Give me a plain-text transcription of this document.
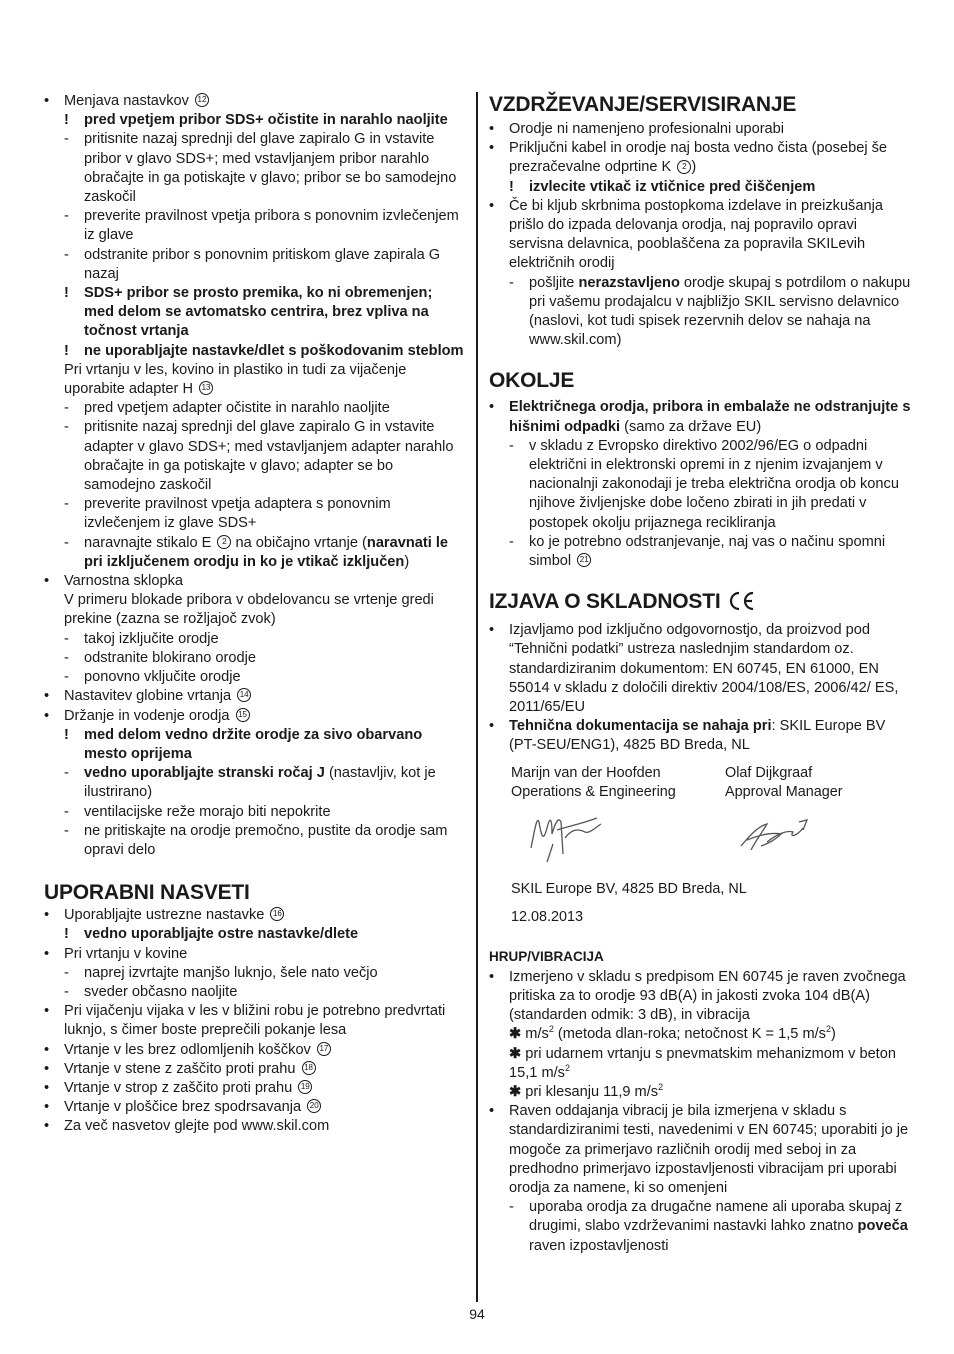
•
Menjava nastavkov 12
!
pred vpetjem pribor SDS+ očistite in narahlo naoljite
-
pritisnite nazaj sprednji del glave zapiralo G in vstavite pribor v glavo SDS+; med vstavljanjem pribor narahlo obračajte in ga potiskajte v glavo; pribor se bo samodejno zaskočil
-
preverite pravilnost vpetja pribora s ponovnim izvlečenjem iz glave
-
odstranite pribor s ponovnim pritiskom glave zapirala G nazaj
!
SDS+ pribor se prosto premika, ko ni obremenjen; med delom se avtomatsko centrira, brez vpliva na točnost vrtanja
!
ne uporabljajte nastavke/dlet s poškodovanim steblom
Pri vrtanju v les, kovino in plastiko in tudi za vijačenje uporabite adapter H 13
-
pred vpetjem adapter očistite in narahlo naoljite
-
pritisnite nazaj sprednji del glave zapiralo G in vstavite adapter v glavo SDS+; med vstavljanjem adapter narahlo obračajte in ga potiskajte v glavo; adapter se bo samodejno zaskočil
-
preverite pravilnost vpetja adaptera s ponovnim izvlečenjem iz glave SDS+
-
naravnajte stikalo E 2 na običajno vrtanje (naravnati le pri izključenem orodju in ko je vtikač izključen)
•
Varnostna sklopka
V primeru blokade pribora v obdelovancu se vrtenje gredi prekine (zazna se rožljajoč zvok)
-
takoj izključite orodje
-
odstranite blokirano orodje
-
ponovno vključite orodje
•
Nastavitev globine vrtanja 14
•
Držanje in vodenje orodja 15
!
med delom vedno držite orodje za sivo obarvano mesto oprijema
-
vedno uporabljajte stranski ročaj J (nastavljiv, kot je ilustrirano)
-
ventilacijske reže morajo biti nepokrite
-
ne pritiskajte na orodje premočno, pustite da orodje sam opravi delo
UPORABNI NASVETI
•
Uporabljajte ustrezne nastavke 16
!
vedno uporabljajte ostre nastavke/dlete
•
Pri vrtanju v kovine
-
naprej izvrtajte manjšo luknjo, šele nato večjo
-
sveder občasno naoljite
•
Pri vijačenju vijaka v les v bližini robu je potrebno predvrtati luknjo, s čimer boste preprečili pokanje lesa
•
Vrtanje v les brez odlomljenih koščkov 17
•
Vrtanje v stene z zaščito proti prahu 18
•
Vrtanje v strop z zaščito proti prahu 19
•
Vrtanje v ploščice brez spodrsavanja 20
•
Za več nasvetov glejte pod www.skil.com
VZDRŽEVANJE/SERVISIRANJE
•
Orodje ni namenjeno profesionalni uporabi
•
Priključni kabel in orodje naj bosta vedno čista (posebej še prezračevalne odprtine K 2 )
!
izvlecite vtikač iz vtičnice pred čiščenjem
•
Če bi kljub skrbnima postopkoma izdelave in preizkušanja prišlo do izpada delovanja orodja, naj popravilo opravi servisna delavnica, pooblaščena za popravila SKILevih električnih orodij
-
pošljite nerazstavljeno orodje skupaj s potrdilom o nakupu pri vašemu prodajalcu v najbližjo SKIL servisno delavnico (naslovi, kot tudi spisek rezervnih delov se nahaja na www.skil.com)
OKOLJE
•
Električnega orodja, pribora in embalaže ne odstranjujte s hišnimi odpadki (samo za države EU)
-
v skladu z Evropsko direktivo 2002/96/EG o odpadni električni in elektronski opremi in z njenim izvajanjem v nacionalnji zakonodaji je treba električna orodja ob koncu njihove življenjske dobe ločeno zbirati in jih predati v postopek okolju prijaznega recikliranja
-
ko je potrebno odstranjevanje, naj vas o načinu spomni simbol 21
IZJAVA O SKLADNOSTI
•
Izjavljamo pod izključno odgovornostjo, da proizvod pod “Tehnični podatki” ustreza naslednjim standardom oz. standardiziranim dokumentom: EN 60745, EN 61000, EN 55014 v skladu z določili direktiv 2004/108/ES, 2006/42/ ES, 2011/65/EU
•
Tehnična dokumentacija se nahaja pri: SKIL Europe BV (PT-SEU/ENG1), 4825 BD Breda, NL
Marijn van der Hoofden
Operations & Engineering
Olaf Dijkgraaf
Approval Manager
SKIL Europe BV, 4825 BD Breda, NL
12.08.2013
HRUP/VIBRACIJA
•
Izmerjeno v skladu s predpisom EN 60745 je raven zvočnega pritiska za to orodje 93 dB(A) in jakosti zvoka 104 dB(A) (standarden odmik: 3 dB), in vibracija
✱ $m/s^2$ (metoda dlan-roka; netočnost K = 1,5 $m/s^2$)
✱ pri udarnem vrtanju s pnevmatskim mehanizmom v beton 15,1 $m/s^2$
✱ pri klesanju 11,9 $m/s^2$
•
Raven oddajanja vibracij je bila izmerjena v skladu s standardiziranimi testi, navedenimi v EN 60745; uporabiti jo je mogoče za primerjavo različnih orodij med seboj in za predhodno primerjavo izpostavljenosti vibracijam pri uporabi orodja za namene, ki so omenjeni
-
uporaba orodja za drugačne namene ali uporaba skupaj z drugimi, slabo vzdrževanimi nastavki lahko znatno poveča raven izpostavljenosti
94
